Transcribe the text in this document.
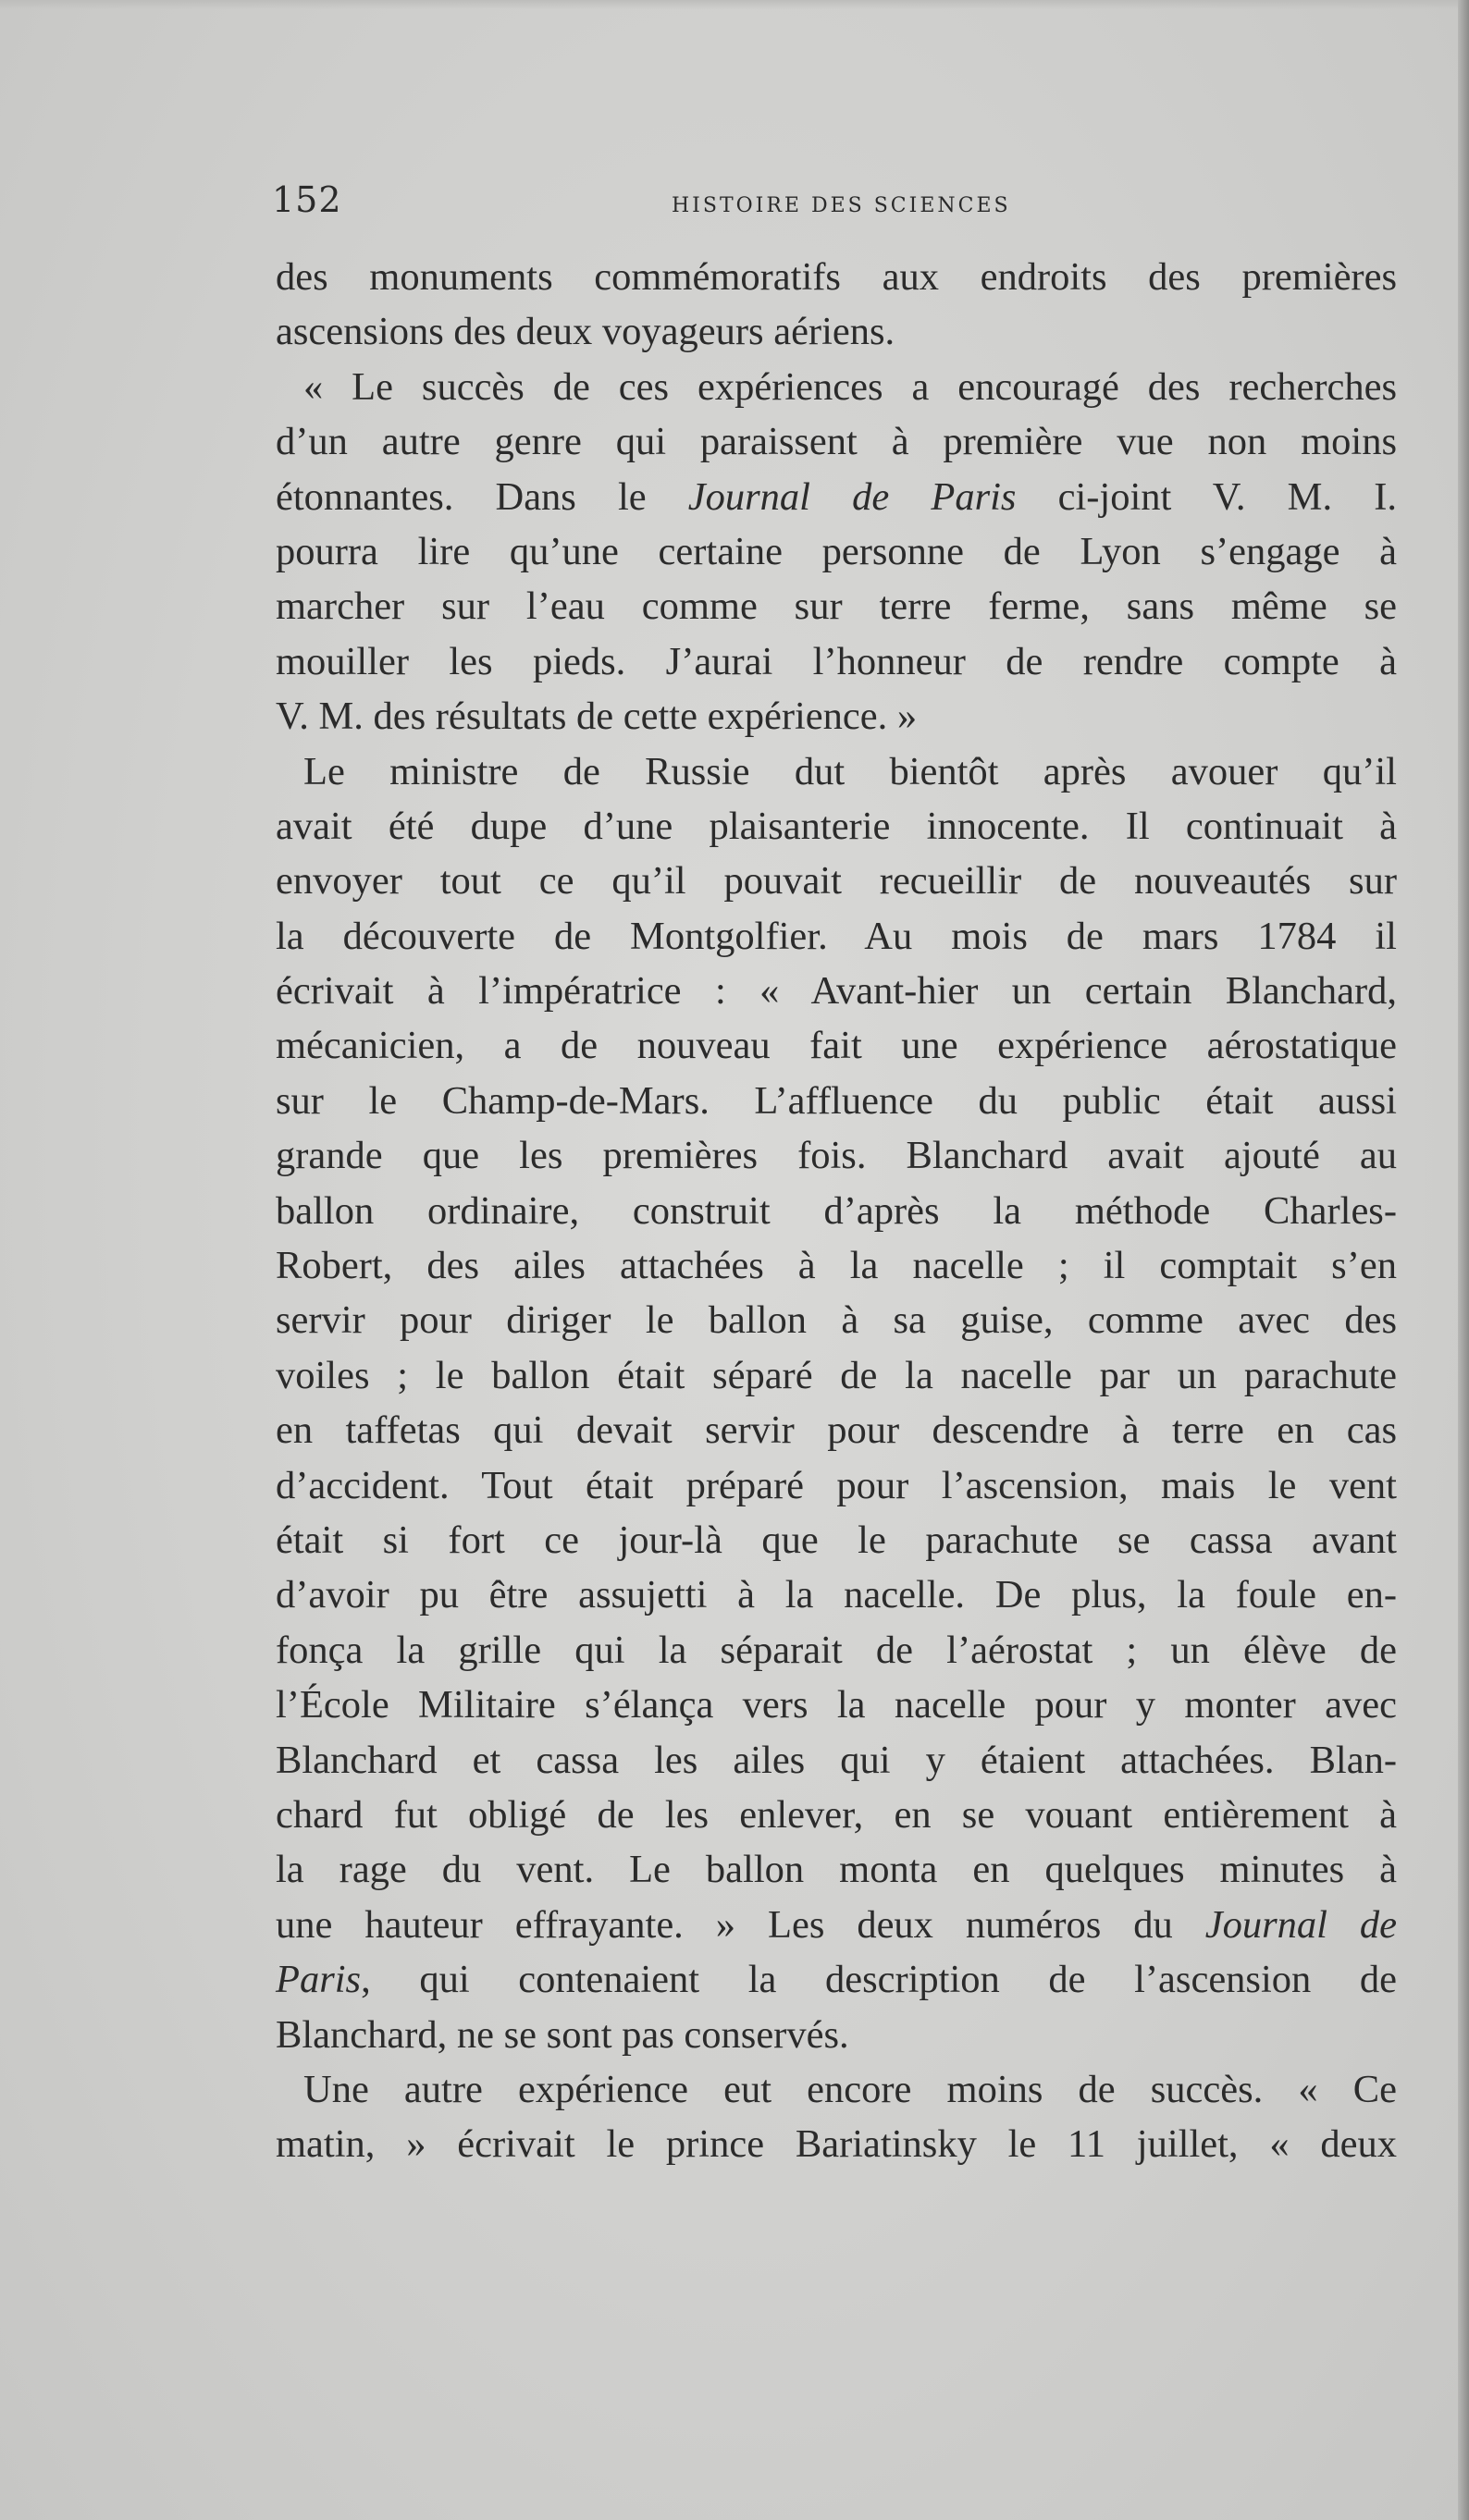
152	HISTOIRE DES SCIENCES
des monuments commémoratifs aux endroits des premières
ascensions des deux voyageurs aériens.
« Le succès de ces expériences a encouragé des recherches
d’un autre genre qui paraissent à première vue non moins
étonnantes. Dans le Journal de Paris ci-joint V. M. I.
pourra lire qu’une certaine personne de Lyon s’engage à
marcher sur l’eau comme sur terre ferme, sans même se
mouiller les pieds. J’aurai l’honneur de rendre compte à
V. M. des résultats de cette expérience. »
Le ministre de Russie dut bientôt après avouer qu’il
avait été dupe d’une plaisanterie innocente. Il continuait à
envoyer tout ce qu’il pouvait recueillir de nouveautés sur
la découverte de Montgolfier. Au mois de mars 1784 il
écrivait à l’impératrice : « Avant-hier un certain Blanchard,
mécanicien, a de nouveau fait une expérience aérostatique
sur le Champ-de-Mars. L’affluence du public était aussi
grande que les premières fois. Blanchard avait ajouté au
ballon ordinaire, construit d’après la méthode Charles-
Robert, des ailes attachées à la nacelle ; il comptait s’en
servir pour diriger le ballon à sa guise, comme avec des
voiles ; le ballon était séparé de la nacelle par un parachute
en taffetas qui devait servir pour descendre à terre en cas
d’accident. Tout était préparé pour l’ascension, mais le vent
était si fort ce jour-là que le parachute se cassa avant
d’avoir pu être assujetti à la nacelle. De plus, la foule en-
fonça la grille qui la séparait de l’aérostat ; un élève de
l’École Militaire s’élança vers la nacelle pour y monter avec
Blanchard et cassa les ailes qui y étaient attachées. Blan-
chard fut obligé de les enlever, en se vouant entièrement à
la rage du vent. Le ballon monta en quelques minutes à
une hauteur effrayante. » Les deux numéros du Journal de
Paris, qui contenaient la description de l’ascension de
Blanchard, ne se sont pas conservés.
Une autre expérience eut encore moins de succès. « Ce
matin, » écrivait le prince Bariatinsky le 11 juillet, « deux
